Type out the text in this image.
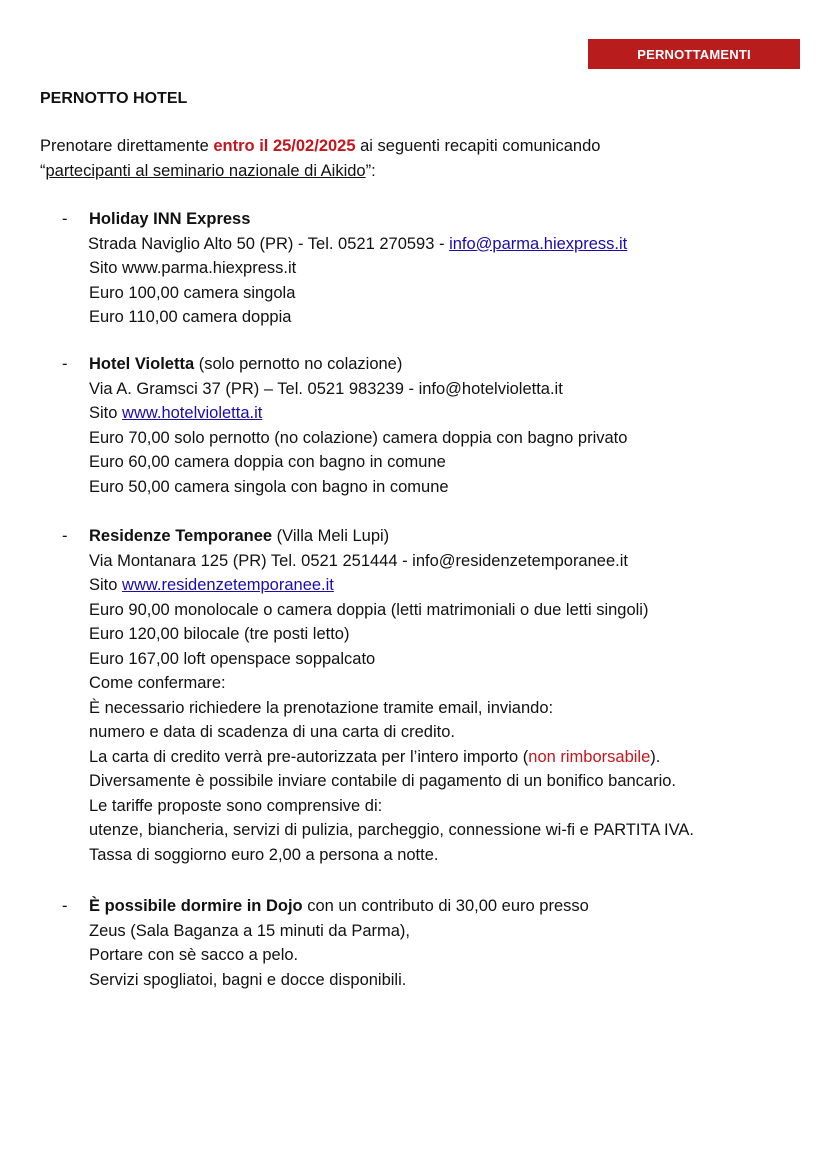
PERNOTTAMENTI
PERNOTTO HOTEL
Prenotare direttamente entro il 25/02/2025 ai seguenti recapiti comunicando
“partecipanti al seminario nazionale di Aikido”:
- Holiday INN Express
Strada Naviglio Alto 50 (PR) - Tel. 0521 270593 - info@parma.hiexpress.it
Sito www.parma.hiexpress.it
Euro 100,00 camera singola
Euro 110,00 camera doppia
- Hotel Violetta (solo pernotto no colazione)
Via A. Gramsci 37 (PR) – Tel. 0521 983239 - info@hotelvioletta.it
Sito www.hotelvioletta.it
Euro 70,00 solo pernotto (no colazione) camera doppia con bagno privato
Euro 60,00 camera doppia con bagno in comune
Euro 50,00 camera singola con bagno in comune
- Residenze Temporanee (Villa Meli Lupi)
Via Montanara 125 (PR) Tel. 0521 251444 - info@residenzetemporanee.it
Sito www.residenzetemporanee.it
Euro 90,00 monolocale o camera doppia (letti matrimoniali o due letti singoli)
Euro 120,00 bilocale (tre posti letto)
Euro 167,00 loft openspace soppalcato
Come confermare:
È necessario richiedere la prenotazione tramite email, inviando:
numero e data di scadenza di una carta di credito.
La carta di credito verrà pre-autorizzata per l’intero importo (non rimborsabile).
Diversamente è possibile inviare contabile di pagamento di un bonifico bancario.
Le tariffe proposte sono comprensive di:
utenze, biancheria, servizi di pulizia, parcheggio, connessione wi-fi e PARTITA IVA.
Tassa di soggiorno euro 2,00 a persona a notte.
- È possibile dormire in Dojo con un contributo di 30,00 euro presso
Zeus (Sala Baganza a 15 minuti da Parma),
Portare con sè sacco a pelo.
Servizi spogliatoi, bagni e docce disponibili.
